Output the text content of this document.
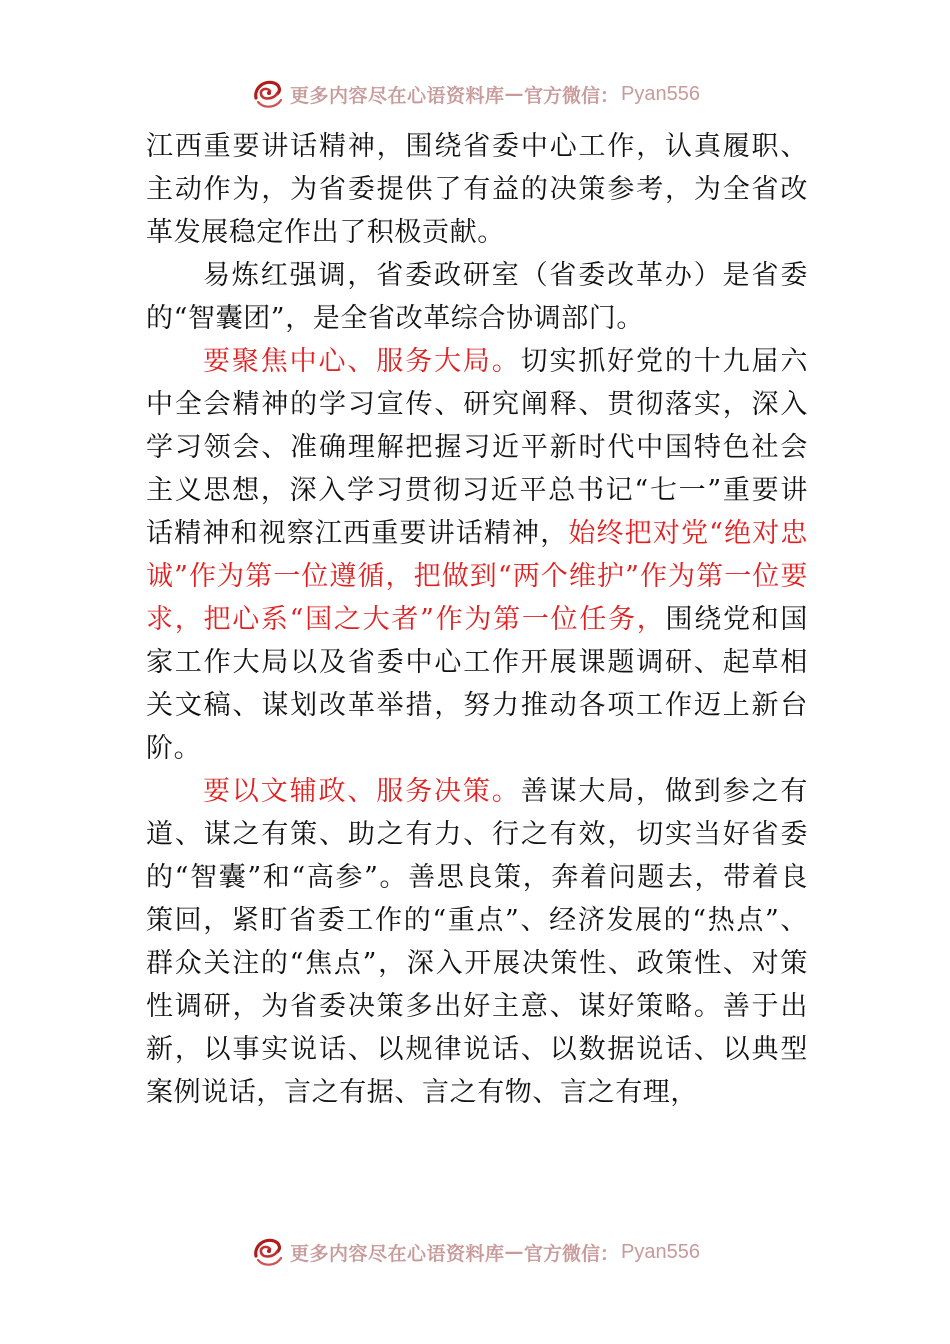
更多内容尽在心语资料库 — 官方微信： Pyan556

江西重要讲话精神，围绕省委中心工作，认真履职、主动作为，为省委提供了有益的决策参考，为全省改革发展稳定作出了积极贡献。

易炼红强调，省委政研室（省委改革办）是省委的“智囊团”，是全省改革综合协调部门。

要聚焦中心、服务大局。切实抓好党的十九届六中全会精神的学习宣传、研究阐释、贯彻落实，深入学习领会、准确理解把握习近平新时代中国特色社会主义思想，深入学习贯彻习近平总书记“七一”重要讲话精神和视察江西重要讲话精神，始终把对党“绝对忠诚”作为第一位遵循，把做到“两个维护”作为第一位要求，把心系“国之大者”作为第一位任务，围绕党和国家工作大局以及省委中心工作开展课题调研、起草相关文稿、谋划改革举措，努力推动各项工作迈上新台阶。

要以文辅政、服务决策。善谋大局，做到参之有道、谋之有策、助之有力、行之有效，切实当好省委的“智囊”和“高参”。善思良策，奔着问题去，带着良策回，紧盯省委工作的“重点”、经济发展的“热点”、群众关注的“焦点”，深入开展决策性、政策性、对策性调研，为省委决策多出好主意、谋好策略。善于出新，以事实说话、以规律说话、以数据说话、以典型案例说话，言之有据、言之有物、言之有理，

更多内容尽在心语资料库 — 官方微信： Pyan556
